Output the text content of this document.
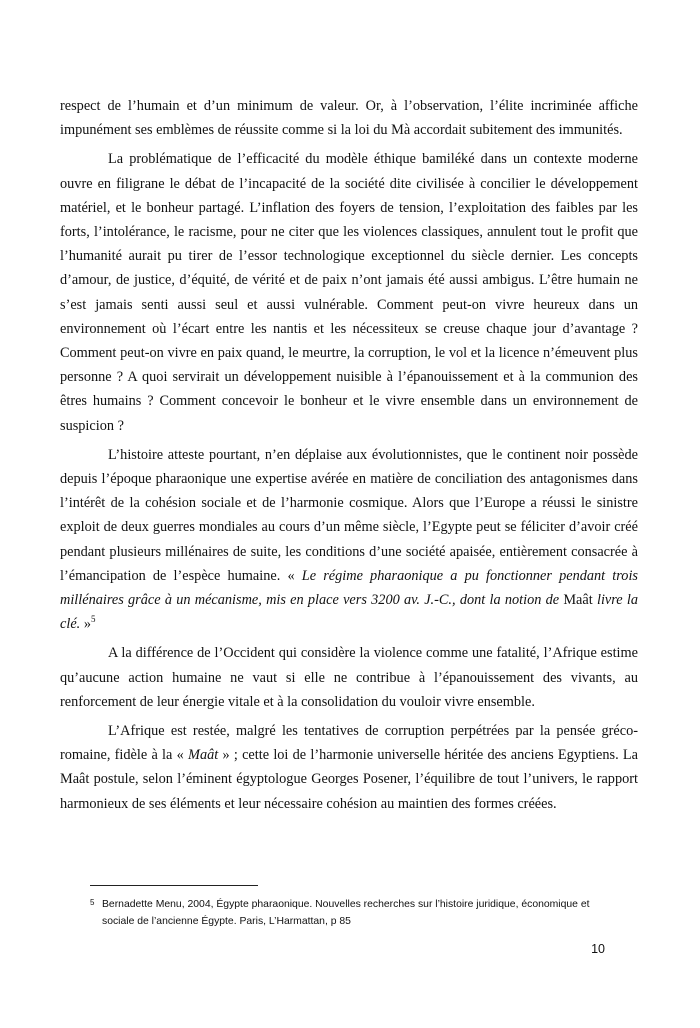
respect de l’humain et d’un minimum de valeur. Or, à l’observation, l’élite incriminée affiche impunément ses emblèmes de réussite comme si la loi du Mà accordait subitement des immunités.

La problématique de l’efficacité du modèle éthique bamiléké dans un contexte moderne ouvre en filigrane le débat de l’incapacité de la société dite civilisée à concilier le développement matériel, et le bonheur partagé. L’inflation des foyers de tension, l’exploitation des faibles par les forts, l’intolérance, le racisme, pour ne citer que les violences classiques, annulent tout le profit que l’humanité aurait pu tirer de l’essor technologique exceptionnel du siècle dernier. Les concepts d’amour, de justice, d’équité, de vérité et de paix n’ont jamais été aussi ambigus. L’être humain ne s’est jamais senti aussi seul et aussi vulnérable. Comment peut-on vivre heureux dans un environnement où l’écart entre les nantis et les nécessiteux se creuse chaque jour d’avantage ? Comment peut-on vivre en paix quand, le meurtre, la corruption, le vol et la licence n’émeuvent plus personne ? A quoi servirait un développement nuisible à l’épanouissement et à la communion des êtres humains ? Comment concevoir le bonheur et le vivre ensemble dans un environnement de suspicion ?

L’histoire atteste pourtant, n’en déplaise aux évolutionnistes, que le continent noir possède depuis l’époque pharaonique une expertise avérée en matière de conciliation des antagonismes dans l’intérêt de la cohésion sociale et de l’harmonie cosmique. Alors que l’Europe a réussi le sinistre exploit de deux guerres mondiales au cours d’un même siècle, l’Egypte peut se féliciter d’avoir créé pendant plusieurs millénaires de suite, les conditions d’une société apaisée, entièrement consacrée à l’émancipation de l’espèce humaine. « Le régime pharaonique a pu fonctionner pendant trois millénaires grâce à un mécanisme, mis en place vers 3200 av. J.-C., dont la notion de Maât livre la clé. »$^5$

A la différence de l’Occident qui considère la violence comme une fatalité, l’Afrique estime qu’aucune action humaine ne vaut si elle ne contribue à l’épanouissement des vivants, au renforcement de leur énergie vitale et à la consolidation du vouloir vivre ensemble.

L’Afrique est restée, malgré les tentatives de corruption perpétrées par la pensée gréco-romaine, fidèle à la « Maât » ; cette loi de l’harmonie universelle héritée des anciens Egyptiens. La Maât postule, selon l’éminent égyptologue Georges Posener, l’équilibre de tout l’univers, le rapport harmonieux de ses éléments et leur nécessaire cohésion au maintien des formes créées.

5 Bernadette Menu, 2004, Égypte pharaonique. Nouvelles recherches sur l’histoire juridique, économique et sociale de l’ancienne Égypte. Paris, L’Harmattan, p 85
10
